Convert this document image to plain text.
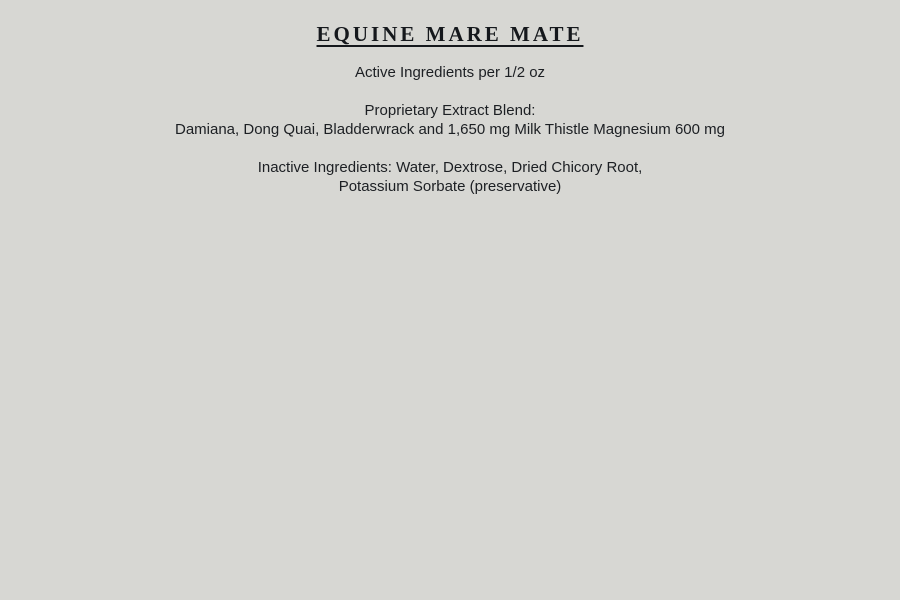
EQUINE MARE MATE

Active Ingredients per 1/2 oz

Proprietary Extract Blend:

Damiana, Dong Quai, Bladderwrack and 1,650 mg Milk Thistle Magnesium 600 mg

Inactive Ingredients: Water, Dextrose, Dried Chicory Root,

Potassium Sorbate (preservative)
